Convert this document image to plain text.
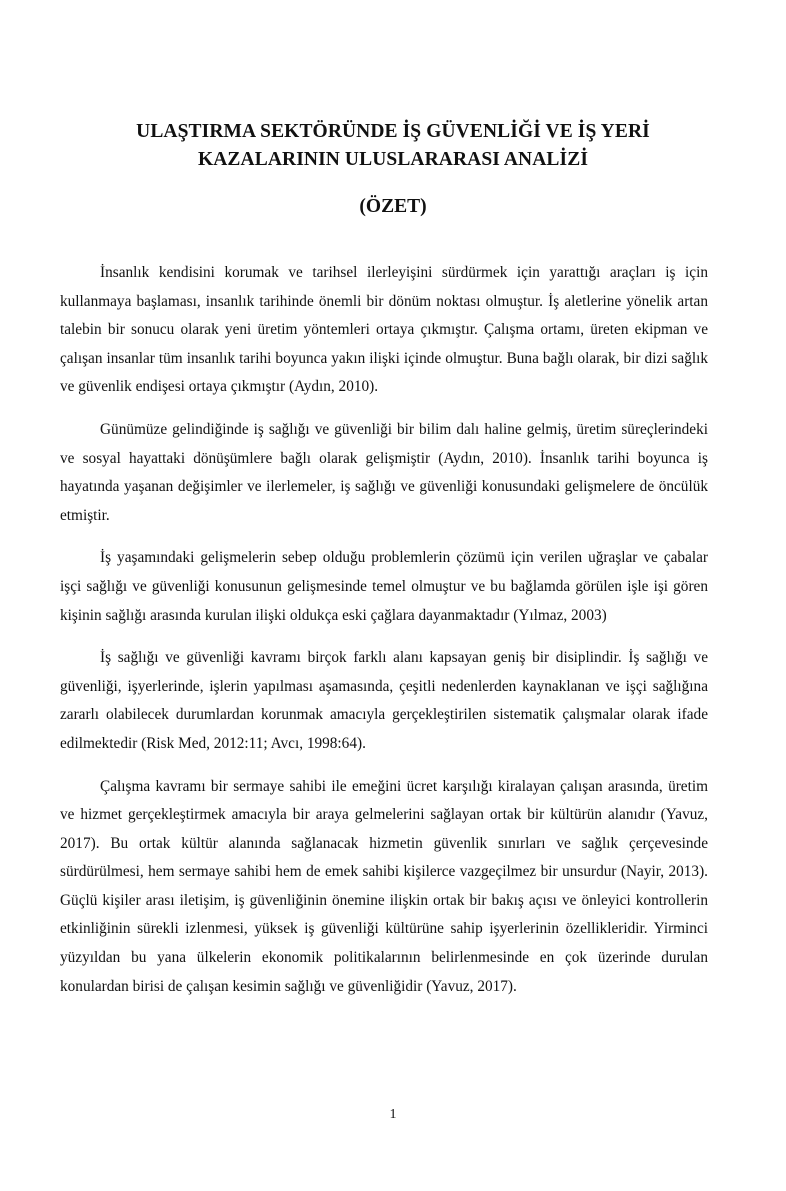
ULAŞTIRMA SEKTÖRÜNDE İŞ GÜVENLİĞİ VE İŞ YERİ
KAZALARININ ULUSLARARASI ANALİZİ
(ÖZET)

İnsanlık kendisini korumak ve tarihsel ilerleyişini sürdürmek için yarattığı araçları iş için kullanmaya başlaması, insanlık tarihinde önemli bir dönüm noktası olmuştur. İş aletlerine yönelik artan talebin bir sonucu olarak yeni üretim yöntemleri ortaya çıkmıştır. Çalışma ortamı, üreten ekipman ve çalışan insanlar tüm insanlık tarihi boyunca yakın ilişki içinde olmuştur. Buna bağlı olarak, bir dizi sağlık ve güvenlik endişesi ortaya çıkmıştır (Aydın, 2010).

Günümüze gelindiğinde iş sağlığı ve güvenliği bir bilim dalı haline gelmiş, üretim süreçlerindeki ve sosyal hayattaki dönüşümlere bağlı olarak gelişmiştir (Aydın, 2010). İnsanlık tarihi boyunca iş hayatında yaşanan değişimler ve ilerlemeler, iş sağlığı ve güvenliği konusundaki gelişmelere de öncülük etmiştir.

İş yaşamındaki gelişmelerin sebep olduğu problemlerin çözümü için verilen uğraşlar ve çabalar işçi sağlığı ve güvenliği konusunun gelişmesinde temel olmuştur ve bu bağlamda görülen işle işi gören kişinin sağlığı arasında kurulan ilişki oldukça eski çağlara dayanmaktadır (Yılmaz, 2003)

İş sağlığı ve güvenliği kavramı birçok farklı alanı kapsayan geniş bir disiplindir. İş sağlığı ve güvenliği, işyerlerinde, işlerin yapılması aşamasında, çeşitli nedenlerden kaynaklanan ve işçi sağlığına zararlı olabilecek durumlardan korunmak amacıyla gerçekleştirilen sistematik çalışmalar olarak ifade edilmektedir (Risk Med, 2012:11; Avcı, 1998:64).

Çalışma kavramı bir sermaye sahibi ile emeğini ücret karşılığı kiralayan çalışan arasında, üretim ve hizmet gerçekleştirmek amacıyla bir araya gelmelerini sağlayan ortak bir kültürün alanıdır (Yavuz, 2017). Bu ortak kültür alanında sağlanacak hizmetin güvenlik sınırları ve sağlık çerçevesinde sürdürülmesi, hem sermaye sahibi hem de emek sahibi kişilerce vazgeçilmez bir unsurdur (Nayir, 2013). Güçlü kişiler arası iletişim, iş güvenliğinin önemine ilişkin ortak bir bakış açısı ve önleyici kontrollerin etkinliğinin sürekli izlenmesi, yüksek iş güvenliği kültürüne sahip işyerlerinin özellikleridir. Yirminci yüzyıldan bu yana ülkelerin ekonomik politikalarının belirlenmesinde en çok üzerinde durulan konulardan birisi de çalışan kesimin sağlığı ve güvenliğidir (Yavuz, 2017).

1
